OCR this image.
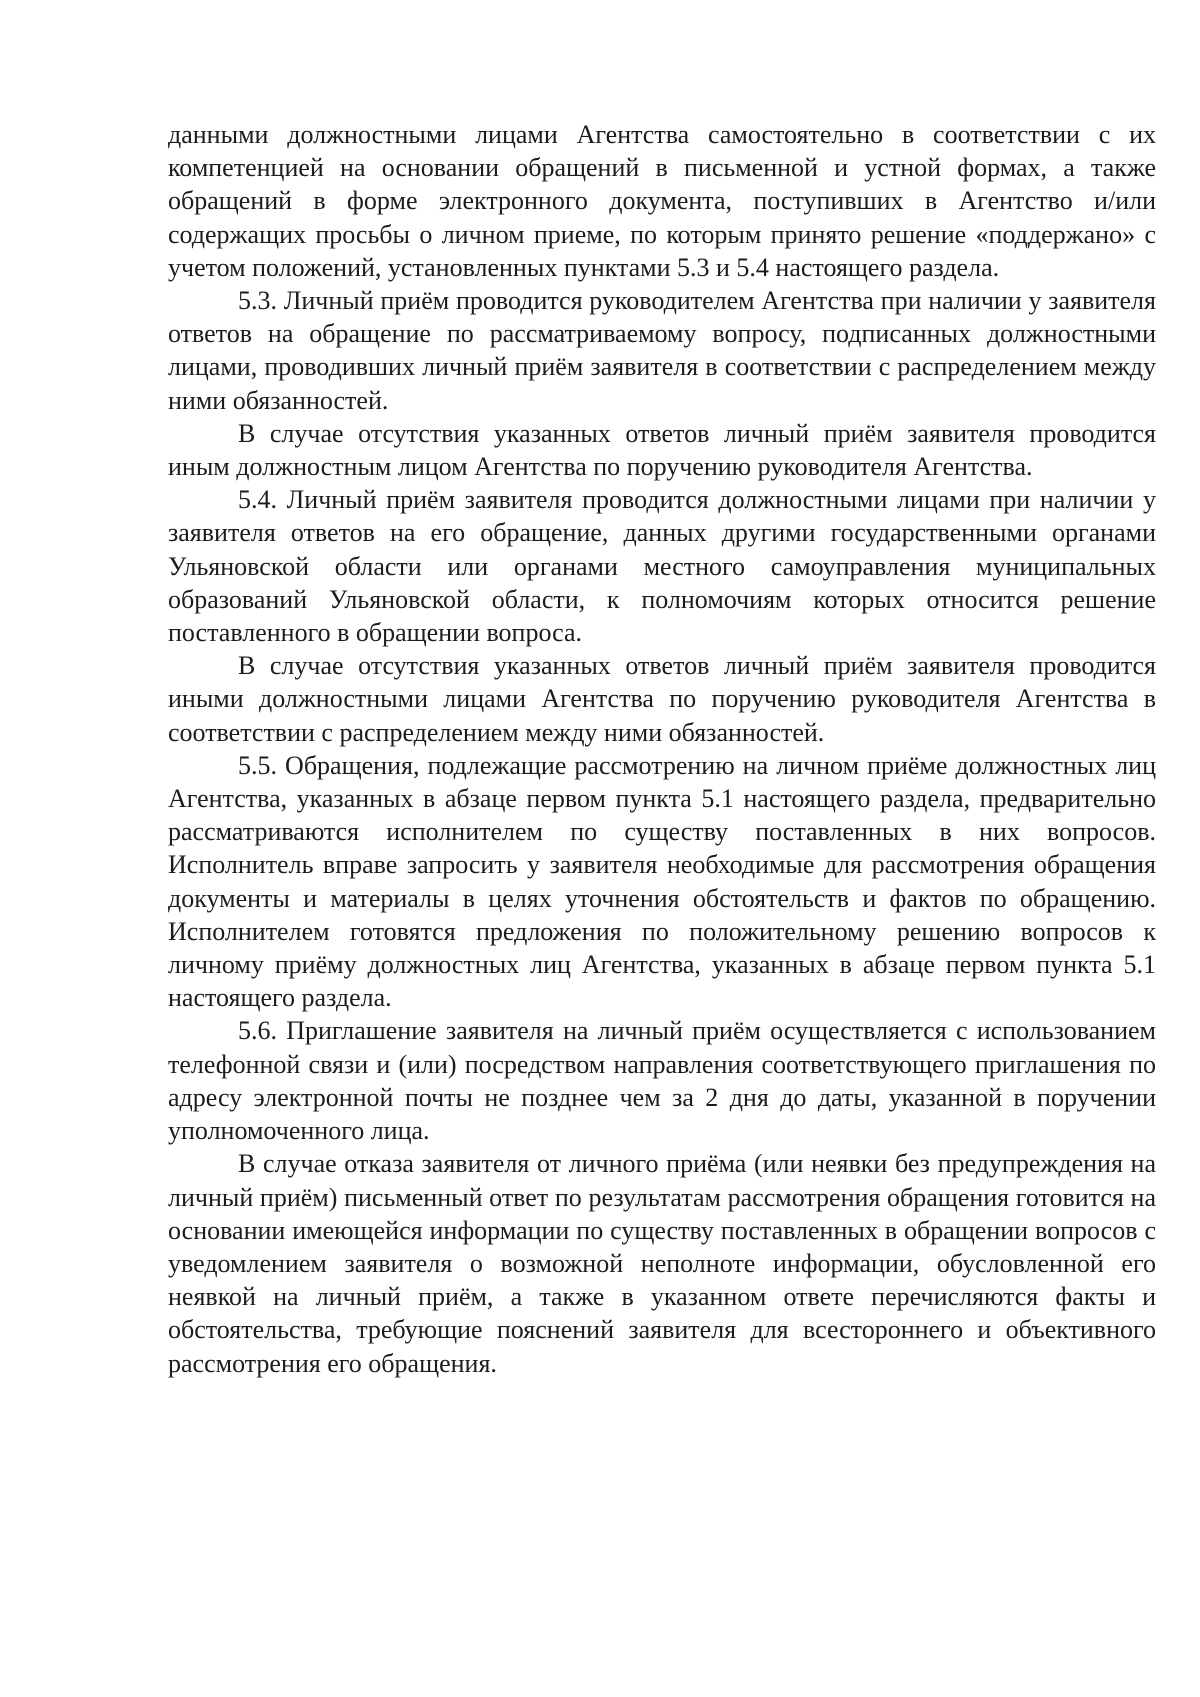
данными должностными лицами Агентства самостоятельно в соответствии с их компетенцией на основании обращений в письменной и устной формах, а также обращений в форме электронного документа, поступивших в Агентство и/или содержащих просьбы о личном приеме, по которым принято решение «поддержано» с учетом положений, установленных пунктами 5.3 и 5.4 настоящего раздела.

5.3. Личный приём проводится руководителем Агентства при наличии у заявителя ответов на обращение по рассматриваемому вопросу, подписанных должностными лицами, проводивших личный приём заявителя в соответствии с распределением между ними обязанностей.

В случае отсутствия указанных ответов личный приём заявителя проводится иным должностным лицом Агентства по поручению руководителя Агентства.

5.4. Личный приём заявителя проводится должностными лицами при наличии у заявителя ответов на его обращение, данных другими государственными органами Ульяновской области или органами местного самоуправления муниципальных образований Ульяновской области, к полномочиям которых относится решение поставленного в обращении вопроса.

В случае отсутствия указанных ответов личный приём заявителя проводится иными должностными лицами Агентства по поручению руководителя Агентства в соответствии с распределением между ними обязанностей.

5.5. Обращения, подлежащие рассмотрению на личном приёме должностных лиц Агентства, указанных в абзаце первом пункта 5.1 настоящего раздела, предварительно рассматриваются исполнителем по существу поставленных в них вопросов. Исполнитель вправе запросить у заявителя необходимые для рассмотрения обращения документы и материалы в целях уточнения обстоятельств и фактов по обращению. Исполнителем готовятся предложения по положительному решению вопросов к личному приёму должностных лиц Агентства, указанных в абзаце первом пункта 5.1 настоящего раздела.

5.6. Приглашение заявителя на личный приём осуществляется с использованием телефонной связи и (или) посредством направления соответствующего приглашения по адресу электронной почты не позднее чем за 2 дня до даты, указанной в поручении уполномоченного лица.

В случае отказа заявителя от личного приёма (или неявки без предупреждения на личный приём) письменный ответ по результатам рассмотрения обращения готовится на основании имеющейся информации по существу поставленных в обращении вопросов с уведомлением заявителя о возможной неполноте информации, обусловленной его неявкой на личный приём, а также в указанном ответе перечисляются факты и обстоятельства, требующие пояснений заявителя для всестороннего и объективного рассмотрения его обращения.
